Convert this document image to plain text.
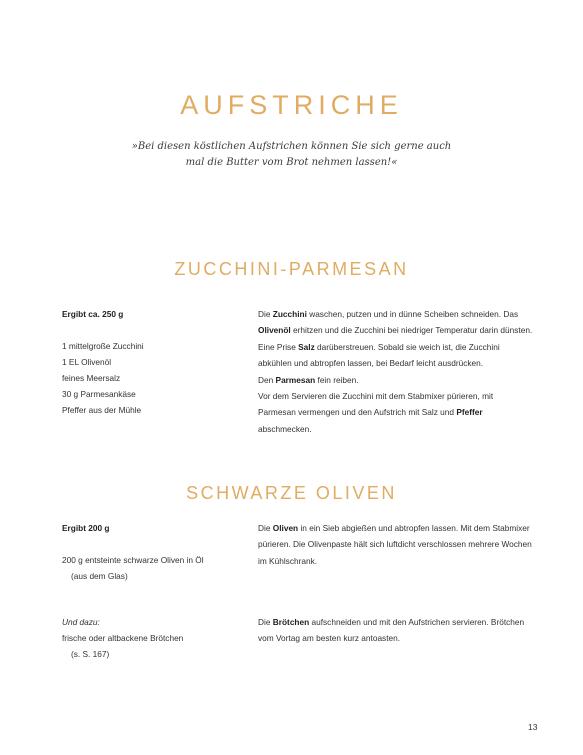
AUFSTRICHE
»Bei diesen köstlichen Aufstrichen können Sie sich gerne auch
mal die Butter vom Brot nehmen lassen!«
ZUCCHINI-PARMESAN
Ergibt ca. 250 g
1 mittelgroße Zucchini
1 EL Olivenöl
feines Meersalz
30 g Parmesankäse
Pfeffer aus der Mühle
Die Zucchini waschen, putzen und in dünne Scheiben schneiden. Das Olivenöl erhitzen und die Zucchini bei niedriger Temperatur darin dünsten. Eine Prise Salz darüberstreuen. Sobald sie weich ist, die Zucchini abkühlen und abtropfen lassen, bei Bedarf leicht ausdrücken.
Den Parmesan fein reiben.
Vor dem Servieren die Zucchini mit dem Stabmixer pürieren, mit Parmesan vermengen und den Aufstrich mit Salz und Pfeffer abschmecken.
SCHWARZE OLIVEN
Ergibt 200 g
200 g entsteinte schwarze Oliven in Öl
(aus dem Glas)
Die Oliven in ein Sieb abgießen und abtropfen lassen. Mit dem Stabmixer pürieren. Die Olivenpaste hält sich luftdicht verschlossen mehrere Wochen im Kühlschrank.
Und dazu:
frische oder altbackene Brötchen
(s. S. 167)
Die Brötchen aufschneiden und mit den Aufstrichen servieren. Brötchen vom Vortag am besten kurz antoasten.
13
